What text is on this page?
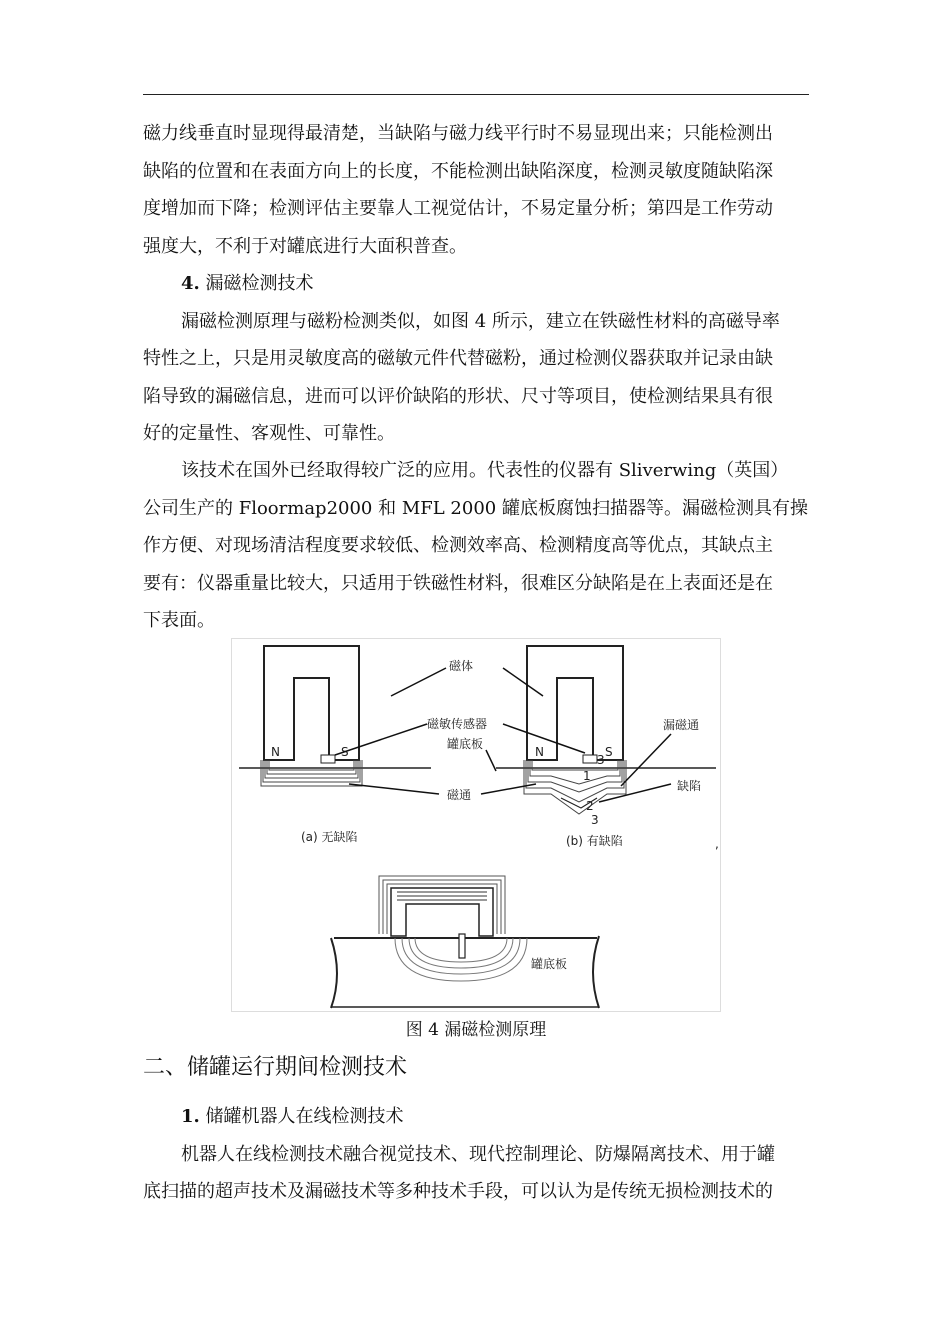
磁力线垂直时显现得最清楚，当缺陷与磁力线平行时不易显现出来；只能检测出
缺陷的位置和在表面方向上的长度，不能检测出缺陷深度，检测灵敏度随缺陷深
度增加而下降；检测评估主要靠人工视觉估计，不易定量分析；第四是工作劳动
强度大，不利于对罐底进行大面积普查。

4. 漏磁检测技术

漏磁检测原理与磁粉检测类似，如图 4 所示，建立在铁磁性材料的高磁导率
特性之上，只是用灵敏度高的磁敏元件代替磁粉，通过检测仪器获取并记录由缺
陷导致的漏磁信息，进而可以评价缺陷的形状、尺寸等项目，使检测结果具有很
好的定量性、客观性、可靠性。

该技术在国外已经取得较广泛的应用。代表性的仪器有 Sliverwing（英国）
公司生产的 Floormap2000 和 MFL 2000 罐底板腐蚀扫描器等。漏磁检测具有操
作方便、对现场清洁程度要求较低、检测效率高、检测精度高等优点，其缺点主
要有：仪器重量比较大，只适用于铁磁性材料，很难区分缺陷是在上表面还是在
下表面。

N	S
(a) 无缺陷
N	S
3
1
2
3
(b) 有缺陷	,
磁体
磁敏传感器
罐底板
磁通
漏磁通
缺陷
罐底板
图 4 漏磁检测原理
二、储罐运行期间检测技术

1. 储罐机器人在线检测技术

机器人在线检测技术融合视觉技术、现代控制理论、防爆隔离技术、用于罐
底扫描的超声技术及漏磁技术等多种技术手段，可以认为是传统无损检测技术的
